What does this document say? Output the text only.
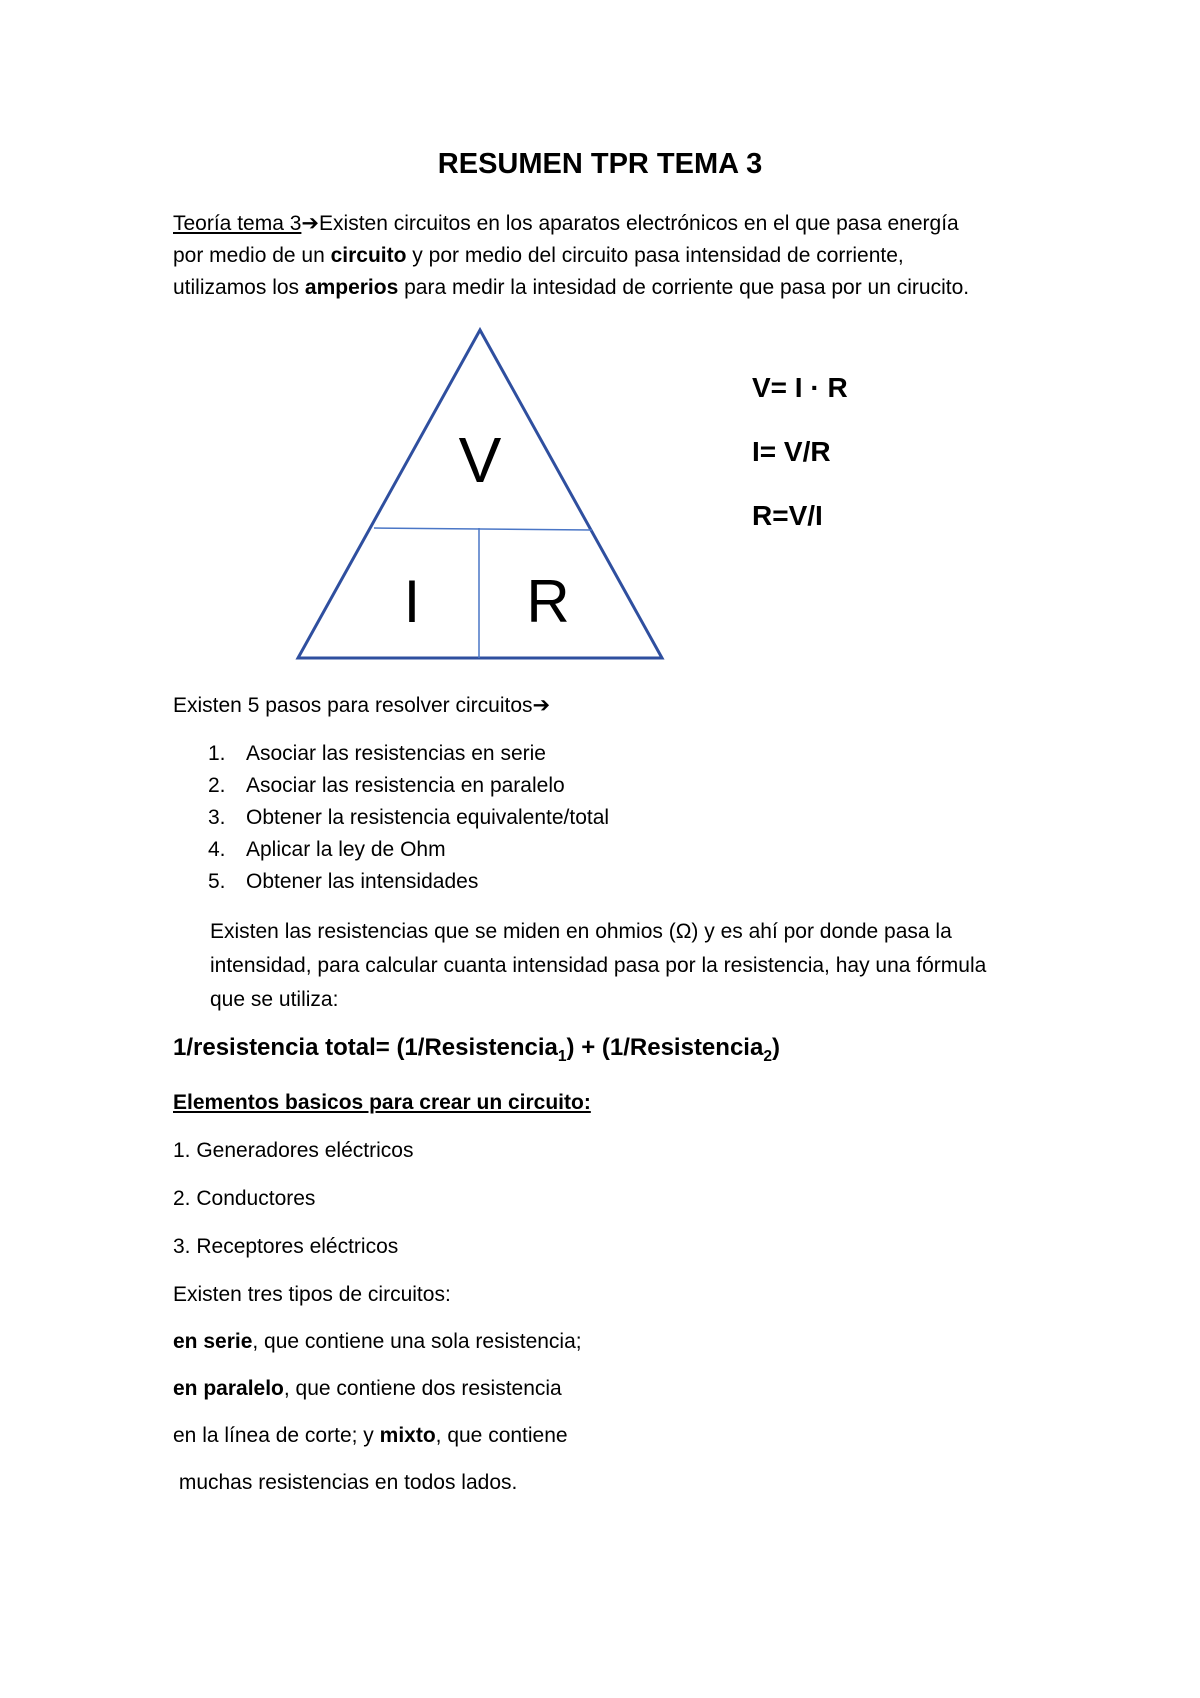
RESUMEN TPR TEMA 3
Teoría tema 3➔Existen circuitos en los aparatos electrónicos en el que pasa energía
por medio de un circuito y por medio del circuito pasa intensidad de corriente,
utilizamos los amperios para medir la intesidad de corriente que pasa por un cirucito.
V
I R
V= I · R
I= V/R
R=V/I
Existen 5 pasos para resolver circuitos➔
1. Asociar las resistencias en serie
2. Asociar las resistencia en paralelo
3. Obtener la resistencia equivalente/total
4. Aplicar la ley de Ohm
5. Obtener las intensidades
Existen las resistencias que se miden en ohmios (Ω) y es ahí por donde pasa la
intensidad, para calcular cuanta intensidad pasa por la resistencia, hay una fórmula
que se utiliza:
1/resistencia total= (1/Resistencia$_1$) + (1/Resistencia$_2$)
Elementos basicos para crear un circuito:
1. Generadores eléctricos
2. Conductores
3. Receptores eléctricos
Existen tres tipos de circuitos:
en serie, que contiene una sola resistencia;
en paralelo, que contiene dos resistencia
en la línea de corte; y mixto, que contiene
muchas resistencias en todos lados.
